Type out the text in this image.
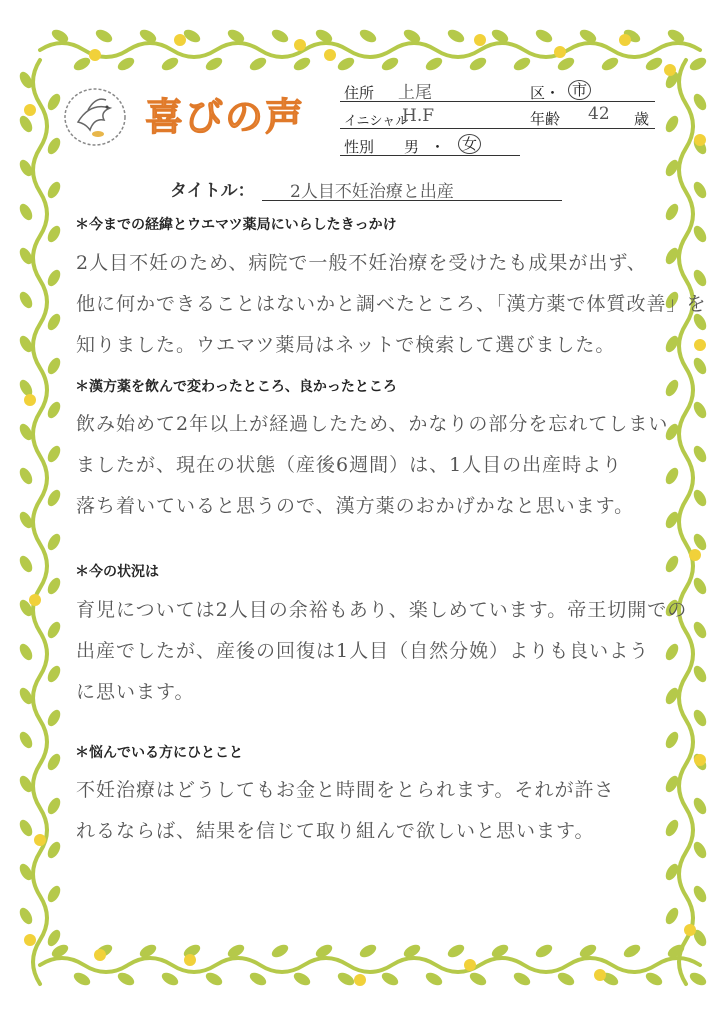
喜びの声
住所 上尾	区・ 市
イニシャル
H.F	年齢 42 歳
性別 男 ・ 女
タイトル： 2人目不妊治療と出産
＊今までの経緯とウエマツ薬局にいらしたきっかけ
2人目不妊のため、病院で一般不妊治療を受けたも成果が出ず、
他に何かできることはないかと調べたところ、「漢方薬で体質改善」を
知りました。ウエマツ薬局はネットで検索して選びました。
＊漢方薬を飲んで変わったところ、良かったところ
飲み始めて2年以上が経過したため、かなりの部分を忘れてしまい
ましたが、現在の状態（産後6週間）は、1人目の出産時より
落ち着いていると思うので、漢方薬のおかげかなと思います。
＊今の状況は
育児については2人目の余裕もあり、楽しめています。帝王切開での
出産でしたが、産後の回復は1人目（自然分娩）よりも良いよう
に思います。
＊悩んでいる方にひとこと
不妊治療はどうしてもお金と時間をとられます。それが許さ
れるならば、結果を信じて取り組んで欲しいと思います。
